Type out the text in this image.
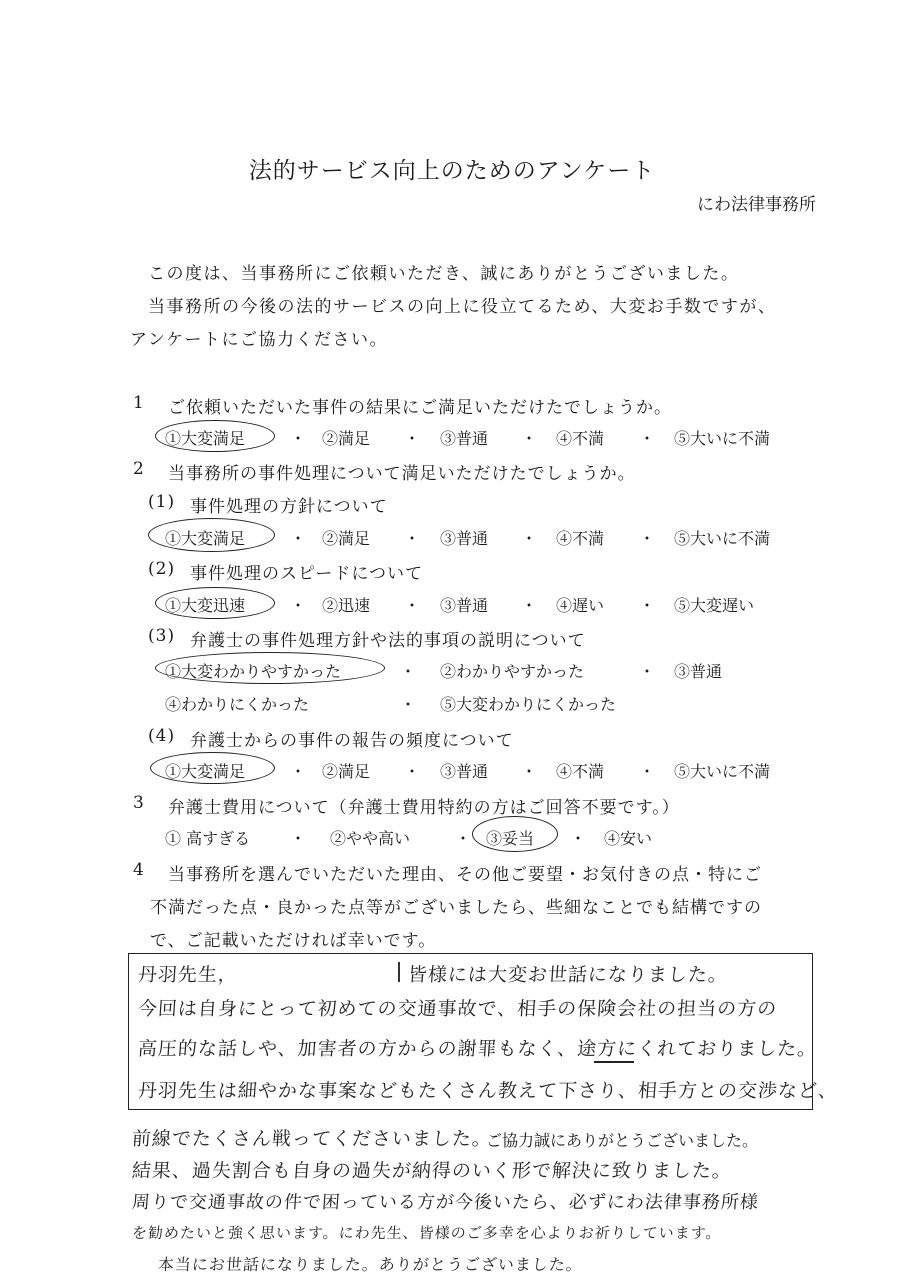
法的サービス向上のためのアンケート
にわ法律事務所
この度は、当事務所にご依頼いただき、誠にありがとうございました。
当事務所の今後の法的サービスの向上に役立てるため、大変お手数ですが、
アンケートにご協力ください。
1 ご依頼いただいた事件の結果にご満足いただけたでしょうか。
①大変満足	・ ②満足 ・ ③普通 ・ ④不満 ・ ⑤大いに不満
2 当事務所の事件処理について満足いただけたでしょうか。
(1) 事件処理の方針について
①大変満足	・ ②満足 ・ ③普通 ・ ④不満 ・ ⑤大いに不満
(2) 事件処理のスピードについて
①大変迅速	・ ②迅速 ・ ③普通 ・ ④遅い ・ ⑤大変遅い
(3) 弁護士の事件処理方針や法的事項の説明について
①大変わかりやすかった	・ ②わかりやすかった	・ ③普通
④わかりにくかった	・ ⑤大変わかりにくかった
(4) 弁護士からの事件の報告の頻度について
①大変満足	・ ②満足 ・ ③普通 ・ ④不満 ・ ⑤大いに不満
3 弁護士費用について（弁護士費用特約の方はご回答不要です。）
① 高すぎる ・ ②やや高い	・ ③妥当 ・ ④安い
4 当事務所を選んでいただいた理由、その他ご要望・お気付きの点・特にご
不満だった点・良かった点等がございましたら、些細なことでも結構ですの
で、ご記載いただければ幸いです。
丹羽先生，	皆様には大変お世話になりました。
今回は自身にとって初めての交通事故で、相手の保険会社の担当の方の
高圧的な話しや、加害者の方からの謝罪もなく、途方にくれておりました。
丹羽先生は細やかな事案などもたくさん教えて下さり、相手方との交渉など、
前線でたくさん戦ってくださいました。
ご協力誠にありがとうございました。
結果、過失割合も自身の過失が納得のいく形で解決に致りました。
周りで交通事故の件で困っている方が今後いたら、必ずにわ法律事務所様
を勧めたいと強く思います。にわ先生、皆様のご多幸を心よりお祈りしています。
本当にお世話になりました。ありがとうございました。
